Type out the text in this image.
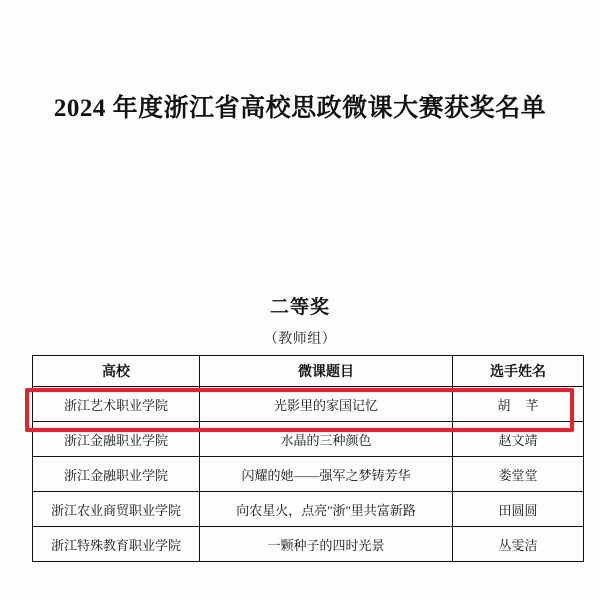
2024 年度浙江省高校思政微课大赛获奖名单
二等奖
（教师组）
高校	微课题目	选手姓名
浙江艺术职业学院	光影里的家国记忆	胡 芊
浙江金融职业学院	水晶的三种颜色	赵文靖
浙江金融职业学院	闪耀的她——强军之梦铸芳华	娄堂堂
浙江农业商贸职业学院	向农星火，点亮"浙"里共富新路	田圆圆
浙江特殊教育职业学院	一颗种子的四时光景	丛雯洁
